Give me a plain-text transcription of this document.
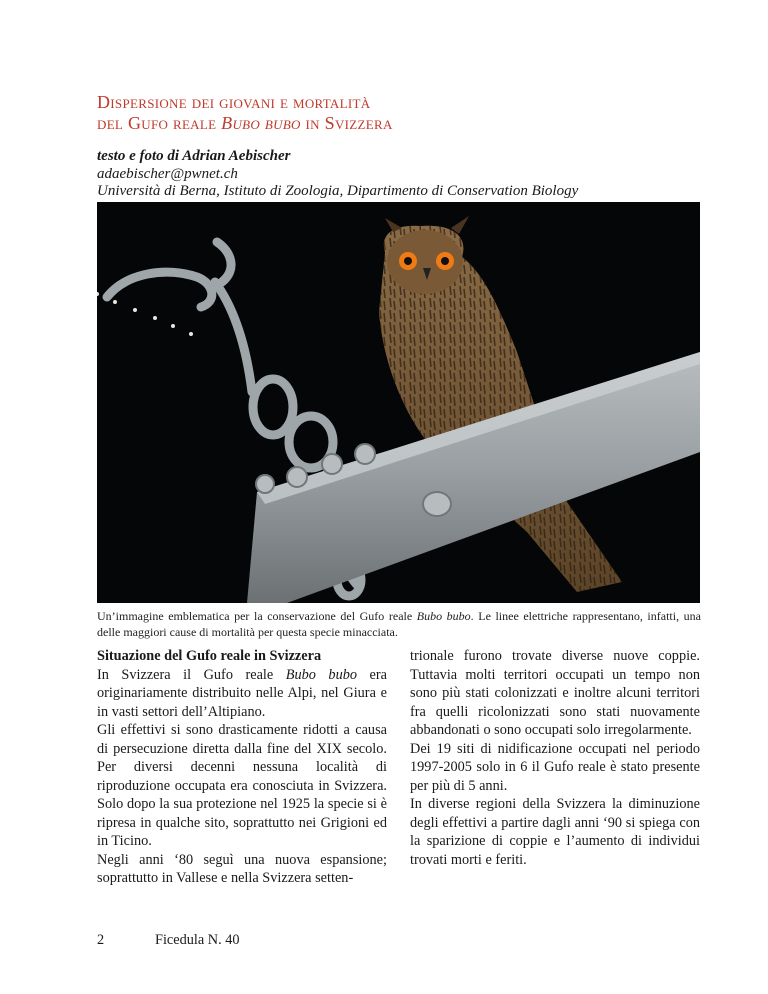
Dispersione dei giovani e mortalità
del Gufo reale Bubo bubo in Svizzera
testo e foto di Adrian Aebischer
adaebischer@pwnet.ch
Università di Berna, Istituto di Zoologia, Dipartimento di Conservation Biology
Un’immagine emblematica per la conservazione del Gufo reale Bubo bubo. Le linee elettriche rappresentano, infatti, una delle maggiori cause di mortalità per questa specie minacciata.
Situazione del Gufo reale in Svizzera

In Svizzera il Gufo reale Bubo bubo era originariamente distribuito nelle Alpi, nel Giura e in vasti settori dell’Altipiano.

Gli effettivi si sono drasticamente ridotti a causa di persecuzione diretta dalla fine del XIX secolo. Per diversi decenni nessuna località di riproduzione occupata era conosciuta in Svizzera. Solo dopo la sua protezione nel 1925 la specie si è ripresa in qualche sito, soprattutto nei Grigioni ed in Ticino.

Negli anni ‘80 seguì una nuova espansione; soprattutto in Vallese e nella Svizzera setten-

trionale furono trovate diverse nuove coppie. Tuttavia molti territori occupati un tempo non sono più stati colonizzati e inoltre alcuni territori fra quelli ricolonizzati sono stati nuovamente abbandonati o sono occupati solo irregolarmente.

Dei 19 siti di nidificazione occupati nel periodo 1997-2005 solo in 6 il Gufo reale è stato presente per più di 5 anni.

In diverse regioni della Svizzera la diminuzione degli effettivi a partire dagli anni ‘90 si spiega con la sparizione di coppie e l’aumento di individui trovati morti e feriti.

2	Ficedula N. 40
